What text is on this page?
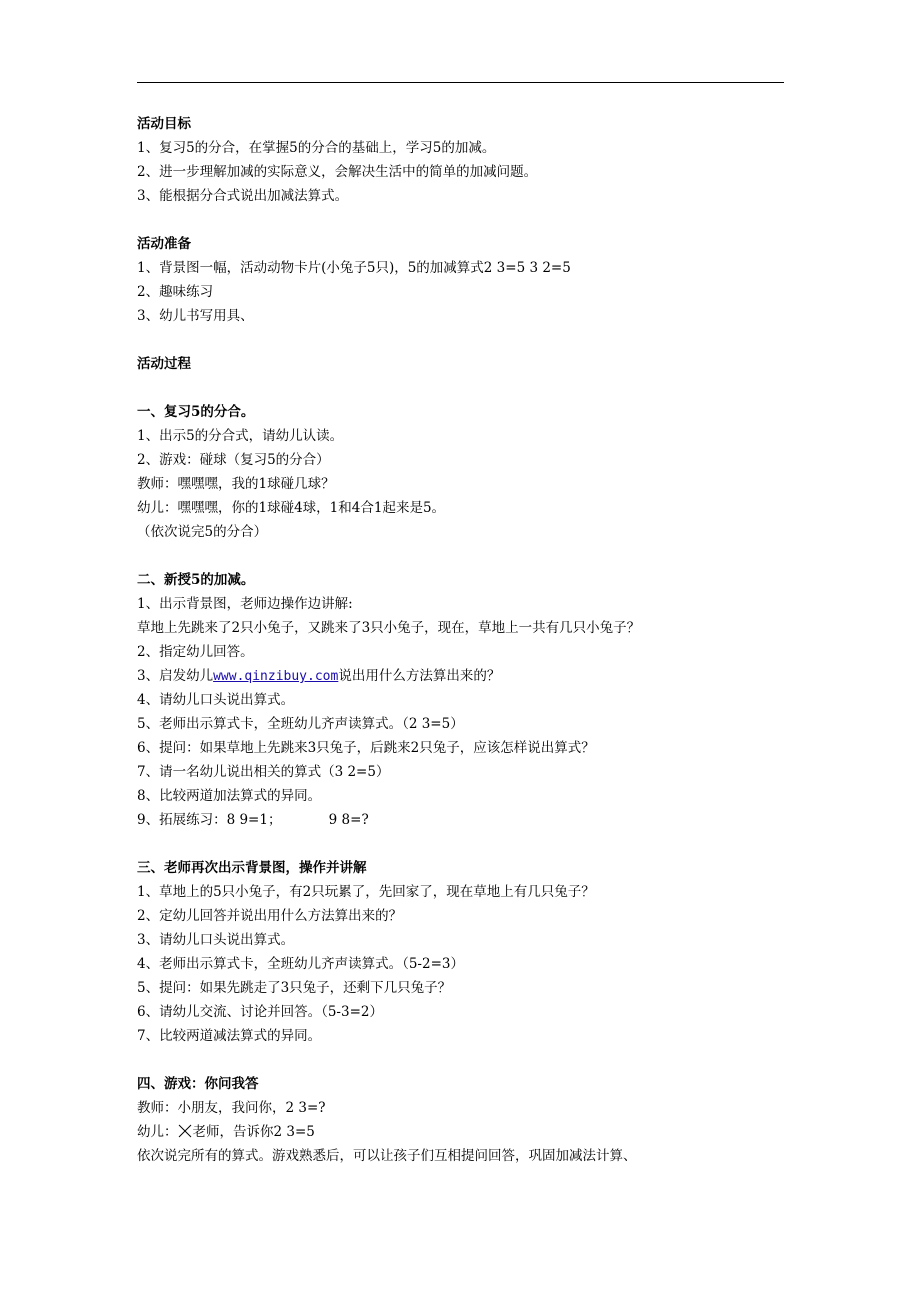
活动目标
1、复习5的分合，在掌握5的分合的基础上，学习5的加减。
2、进一步理解加减的实际意义，会解决生活中的简单的加减问题。
3、能根据分合式说出加减法算式。
活动准备
1、背景图一幅，活动动物卡片(小兔子5只)，5的加减算式2 3=5 3 2=5
2、趣味练习
3、幼儿书写用具、
活动过程
一、复习5的分合。
1、出示5的分合式，请幼儿认读。
2、游戏：碰球（复习5的分合）
教师：嘿嘿嘿，我的1球碰几球？
幼儿：嘿嘿嘿，你的1球碰4球，1和4合1起来是5。
（依次说完5的分合）
二、新授5的加减。
1、出示背景图，老师边操作边讲解:
草地上先跳来了2只小兔子，又跳来了3只小兔子，现在，草地上一共有几只小兔子？
2、指定幼儿回答。
3、启发幼儿www.qinzibuy.com说出用什么方法算出来的？
4、请幼儿口头说出算式。
5、老师出示算式卡，全班幼儿齐声读算式。（2 3=5）
6、提问：如果草地上先跳来3只兔子，后跳来2只兔子，应该怎样说出算式？
7、请一名幼儿说出相关的算式（3 2=5）
8、比较两道加法算式的异同。
9、拓展练习：8 9=1；           9 8=?
三、老师再次出示背景图，操作并讲解
1、草地上的5只小兔子，有2只玩累了，先回家了，现在草地上有几只兔子？
2、定幼儿回答并说出用什么方法算出来的？
3、请幼儿口头说出算式。
4、老师出示算式卡，全班幼儿齐声读算式。（5-2=3）
5、提问：如果先跳走了3只兔子，还剩下几只兔子？
6、请幼儿交流、讨论并回答。（5-3=2）
7、比较两道减法算式的异同。
四、游戏：你问我答
教师：小朋友，我问你，2 3=?
幼儿： 老师，告诉你2 3=5
依次说完所有的算式。游戏熟悉后，可以让孩子们互相提问回答，巩固加减法计算、
